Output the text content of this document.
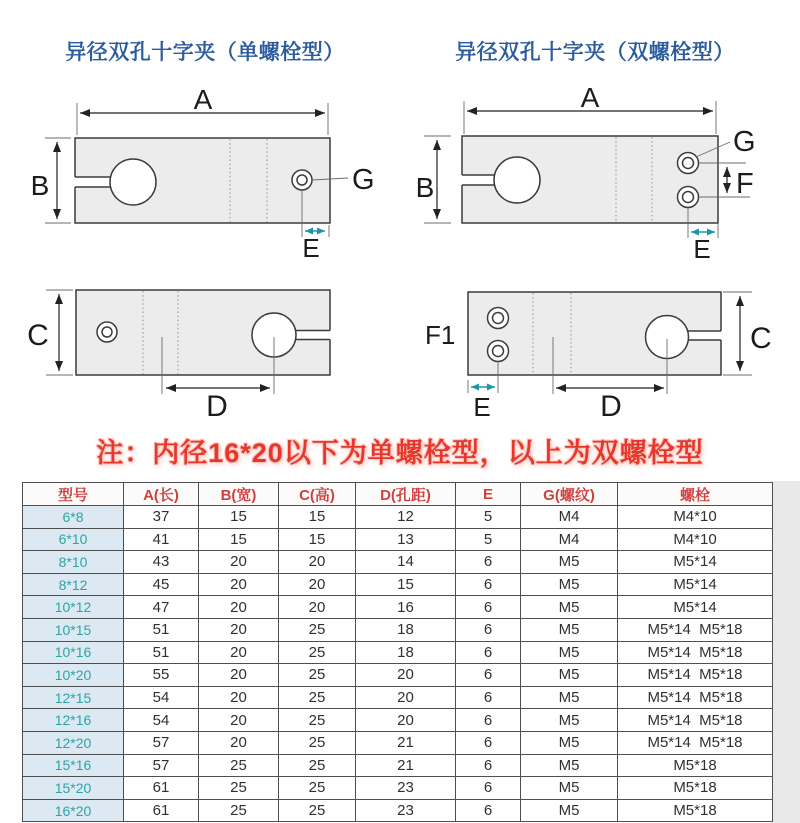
异径双孔十字夹（单螺栓型）	异径双孔十字夹（双螺栓型）
A
B	G
E
A
B
G
F
E
C
D
F1	C
E	D
注：内径16*20以下为单螺栓型，以上为双螺栓型
型号	A(长)	B(宽)	C(高)	D(孔距)	E	G(螺纹)	螺栓
6*8	37	15	15	12	5	M4	M4*10
6*10	41	15	15	13	5	M4	M4*10
8*10	43	20	20	14	6	M5	M5*14
8*12	45	20	20	15	6	M5	M5*14
10*12	47	20	20	16	6	M5	M5*14
10*15	51	20	25	18	6	M5	M5*14  M5*18
10*16	51	20	25	18	6	M5	M5*14  M5*18
10*20	55	20	25	20	6	M5	M5*14  M5*18
12*15	54	20	25	20	6	M5	M5*14  M5*18
12*16	54	20	25	20	6	M5	M5*14  M5*18
12*20	57	20	25	21	6	M5	M5*14  M5*18
15*16	57	25	25	21	6	M5	M5*18
15*20	61	25	25	23	6	M5	M5*18
16*20	61	25	25	23	6	M5	M5*18
